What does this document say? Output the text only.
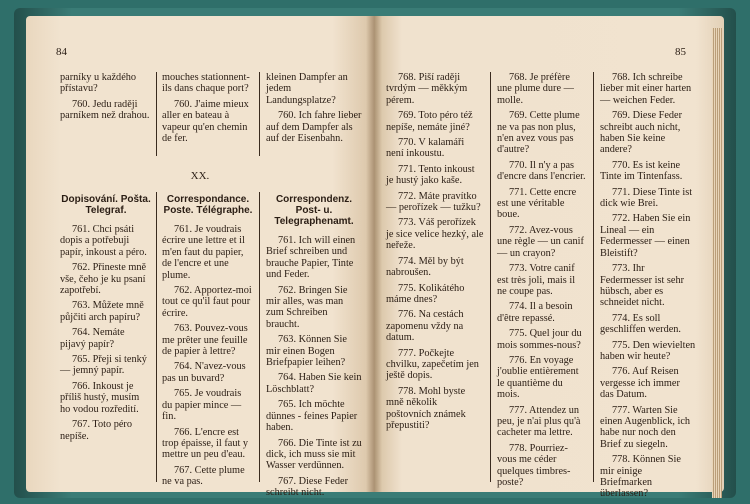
84

parníky u každého přístavu?

760. Jedu raději parníkem než drahou.

mouches stationnent-ils dans chaque port?

760. J'aime mieux aller en bateau à vapeur qu'en chemin de fer.

kleinen Dampfer an jedem Landungsplatze?

760. Ich fahre lieber auf dem Dampfer als auf der Eisenbahn.

XX.
Dopisování. Pošta. Telegraf.

761. Chci psáti dopis a potřebuji papír, inkoust a péro.

762. Přineste mně vše, čeho je ku psaní zapotřebí.

763. Můžete mně půjčiti arch papíru?

764. Nemáte pijavý papír?

765. Přeji si tenký — jemný papír.

766. Inkoust je příliš hustý, musím ho vodou rozředití.

767. Toto péro nepíše.

Correspondance. Poste. Télégraphe.

761. Je voudrais écrire une lettre et il m'en faut du papier, de l'encre et une plume.

762. Apportez-moi tout ce qu'il faut pour écrire.

763. Pouvez-vous me prêter une feuille de papier à lettre?

764. N'avez-vous pas un buvard?

765. Je voudrais du papier mince — fin.

766. L'encre est trop épaisse, il faut y mettre un peu d'eau.

767. Cette plume ne va pas.

Correspondenz. Post- u. Telegraphenamt.

761. Ich will einen Brief schreiben und brauche Papier, Tinte und Feder.

762. Bringen Sie mir alles, was man zum Schreiben braucht.

763. Können Sie mir einen Bogen Briefpapier leihen?

764. Haben Sie kein Löschblatt?

765. Ich möchte dünnes - feines Papier haben.

766. Die Tinte ist zu dick, ich muss sie mit Wasser verdünnen.

767. Diese Feder schreibt nicht.

85

768. Piší raději tvrdým — měkkým pérem.

769. Toto péro též nepíše, nemáte jiné?

770. V kalamáři není inkoustu.

771. Tento inkoust je hustý jako kaše.

772. Máte pravítko — perořízek — tužku?

773. Váš perořízek je sice velice hezký, ale neřeže.

774. Měl by být nabroušen.

775. Kolikátého máme dnes?

776. Na cestách zapomenu vždy na datum.

777. Počkejte chvilku, zapečetím jen ještě dopis.

778. Mohl byste mně několik poštovních známek přepustiti?

768. Je préfère une plume dure — molle.

769. Cette plume ne va pas non plus, n'en avez vous pas d'autre?

770. Il n'y a pas d'encre dans l'encrier.

771. Cette encre est une véritable boue.

772. Avez-vous une règle — un canif — un crayon?

773. Votre canif est très joli, mais il ne coupe pas.

774. Il a besoin d'être repassé.

775. Quel jour du mois sommes-nous?

776. En voyage j'oublie entièrement le quantième du mois.

777. Attendez un peu, je n'ai plus qu'à cacheter ma lettre.

778. Pourriez-vous me céder quelques timbres-poste?

768. Ich schreibe lieber mit einer harten — weichen Feder.

769. Diese Feder schreibt auch nicht, haben Sie keine andere?

770. Es ist keine Tinte im Tintenfass.

771. Diese Tinte ist dick wie Brei.

772. Haben Sie ein Lineal — ein Federmesser — einen Bleistift?

773. Ihr Federmesser ist sehr hübsch, aber es schneidet nicht.

774. Es soll geschliffen werden.

775. Den wievielten haben wir heute?

776. Auf Reisen vergesse ich immer das Datum.

777. Warten Sie einen Augenblick, ich habe nur noch den Brief zu siegeln.

778. Können Sie mir einige Briefmarken überlassen?
